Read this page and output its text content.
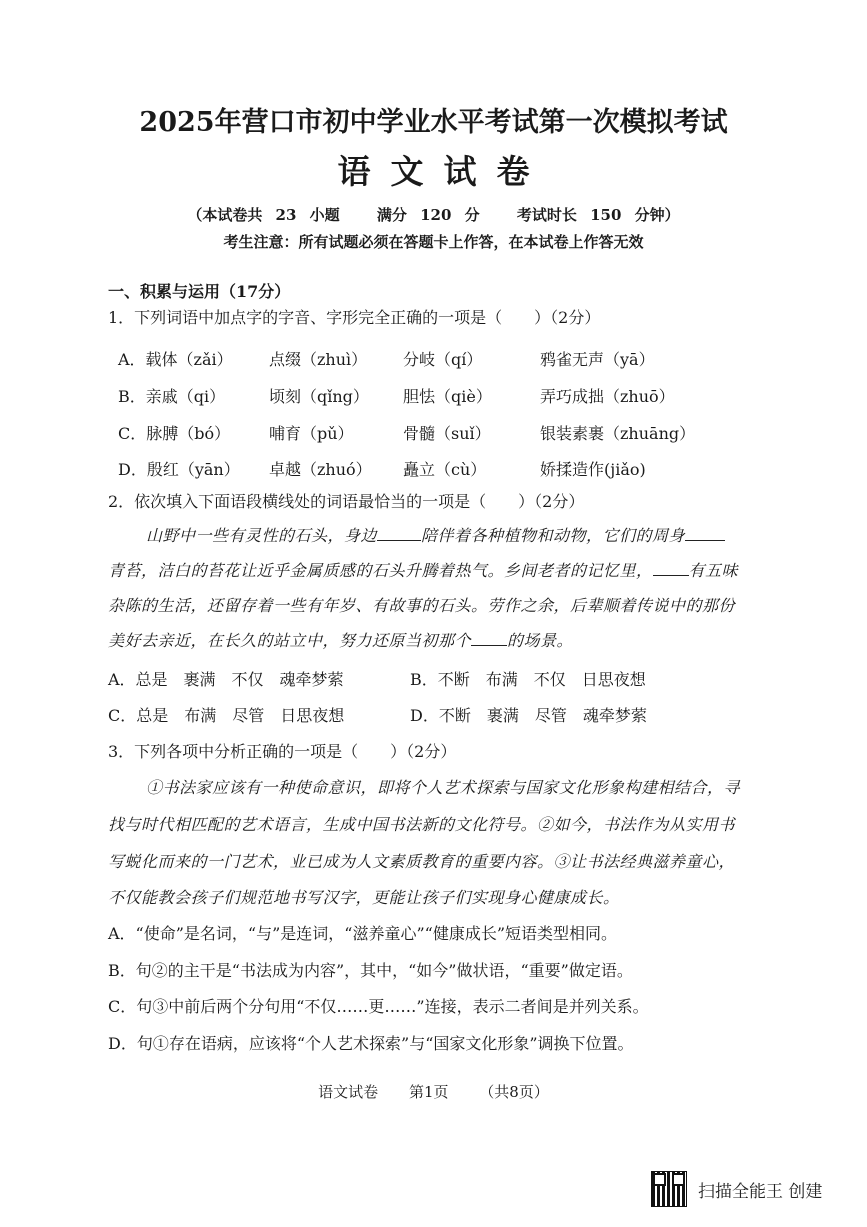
2025年营口市初中学业水平考试第一次模拟考试
语文试卷
（本试卷共 23 小题 满分 120 分 考试时长 150 分钟）
考生注意：所有试题必须在答题卡上作答，在本试卷上作答无效
一、积累与运用（17分）
1．下列词语中加点字的字音、字形完全正确的一项是（　　）（2分）
A．载体（zǎi） 点缀（zhuì） 分岐（qí）	鸦雀无声（yā）
B．亲戚（qi）	顷刻（qǐng） 胆怯（qiè）	弄巧成拙（zhuō）
C．脉膊（bó） 哺育（pǔ）	骨髓（suǐ）	银装素裹（zhuāng）
D．殷红（yān） 卓越（zhuó） 矗立（cù）	娇揉造作(jiǎo)
2．依次填入下面语段横线处的词语最恰当的一项是（　　）（2分）
山野中一些有灵性的石头，身边	陪伴着各种植物和动物，它们的周身
青苔，洁白的苔花让近乎金属质感的石头升腾着热气。乡间老者的记忆里， 有五味
杂陈的生活，还留存着一些有年岁、有故事的石头。劳作之余，后辈顺着传说中的那份
美好去亲近，在长久的站立中，努力还原当初那个 的场景。
A．总是　裹满　不仅　魂牵梦萦	B．不断　布满　不仅　日思夜想
C．总是　布满　尽管　日思夜想	D．不断　裹满　尽管　魂牵梦萦
3．下列各项中分析正确的一项是（　　）（2分）
①书法家应该有一种使命意识，即将个人艺术探索与国家文化形象构建相结合，寻
找与时代相匹配的艺术语言，生成中国书法新的文化符号。②如今，书法作为从实用书
写蜕化而来的一门艺术，业已成为人文素质教育的重要内容。③让书法经典滋养童心，
不仅能教会孩子们规范地书写汉字，更能让孩子们实现身心健康成长。
A．“使命”是名词，“与”是连词，“滋养童心”“健康成长”短语类型相同。
B．句②的主干是“书法成为内容”，其中，“如今”做状语，“重要”做定语。
C．句③中前后两个分句用“不仅……更……”连接，表示二者间是并列关系。
D．句①存在语病，应该将“个人艺术探索”与“国家文化形象”调换下位置。
语文试卷 第1页 （共8页）
扫描全能王 创建
